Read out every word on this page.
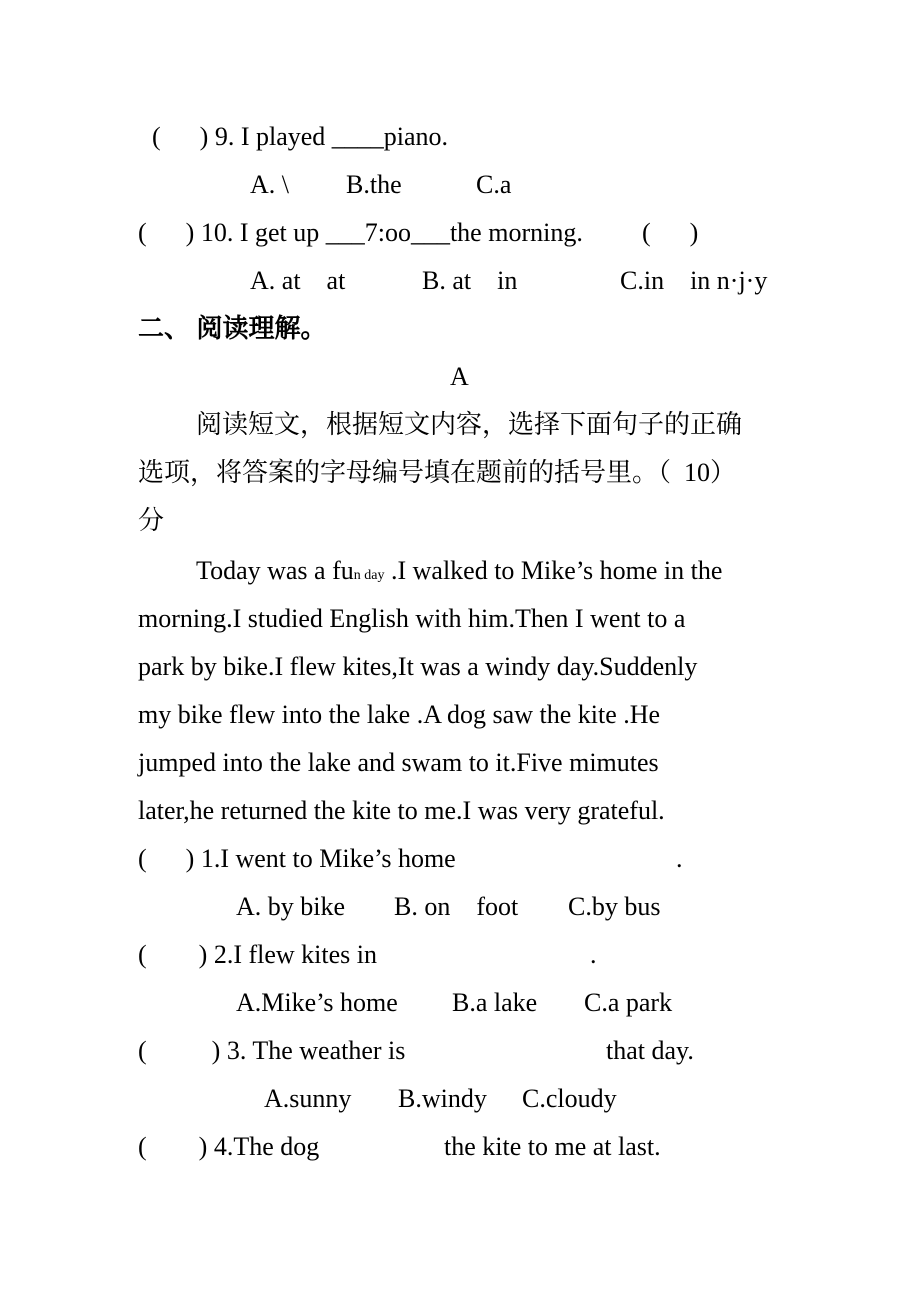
(      ) 9. I played ____piano.
A. \ B.the	C.a
(      ) 10. I get up ___7:oo___the morning. (      )
A. at    at	B. at    in	C.in    in n·j·y
二、 阅读理解。
A
阅读短文，根据短文内容，选择下面句子的正确
选项，将答案的字母编号填在题前的括号里。（  10）
分
Today was a fun day .I walked to Mike’s home in the
morning.I studied English with him.Then I went to a
park by bike.I flew kites,It was a windy day.Suddenly
my bike flew into the lake .A dog saw the kite .He
jumped into the lake and swam to it.Five mimutes
later,he returned the kite to me.I was very grateful.
(      ) 1.I went to Mike’s home	.
A. by bike B. on    foot C.by bus
(        ) 2.I flew kites in	.
A.Mike’s home B.a lake C.a park
(          ) 3. The weather is	that day.
A.sunny B.windy C.cloudy
(        ) 4.The dog	the kite to me at last.
